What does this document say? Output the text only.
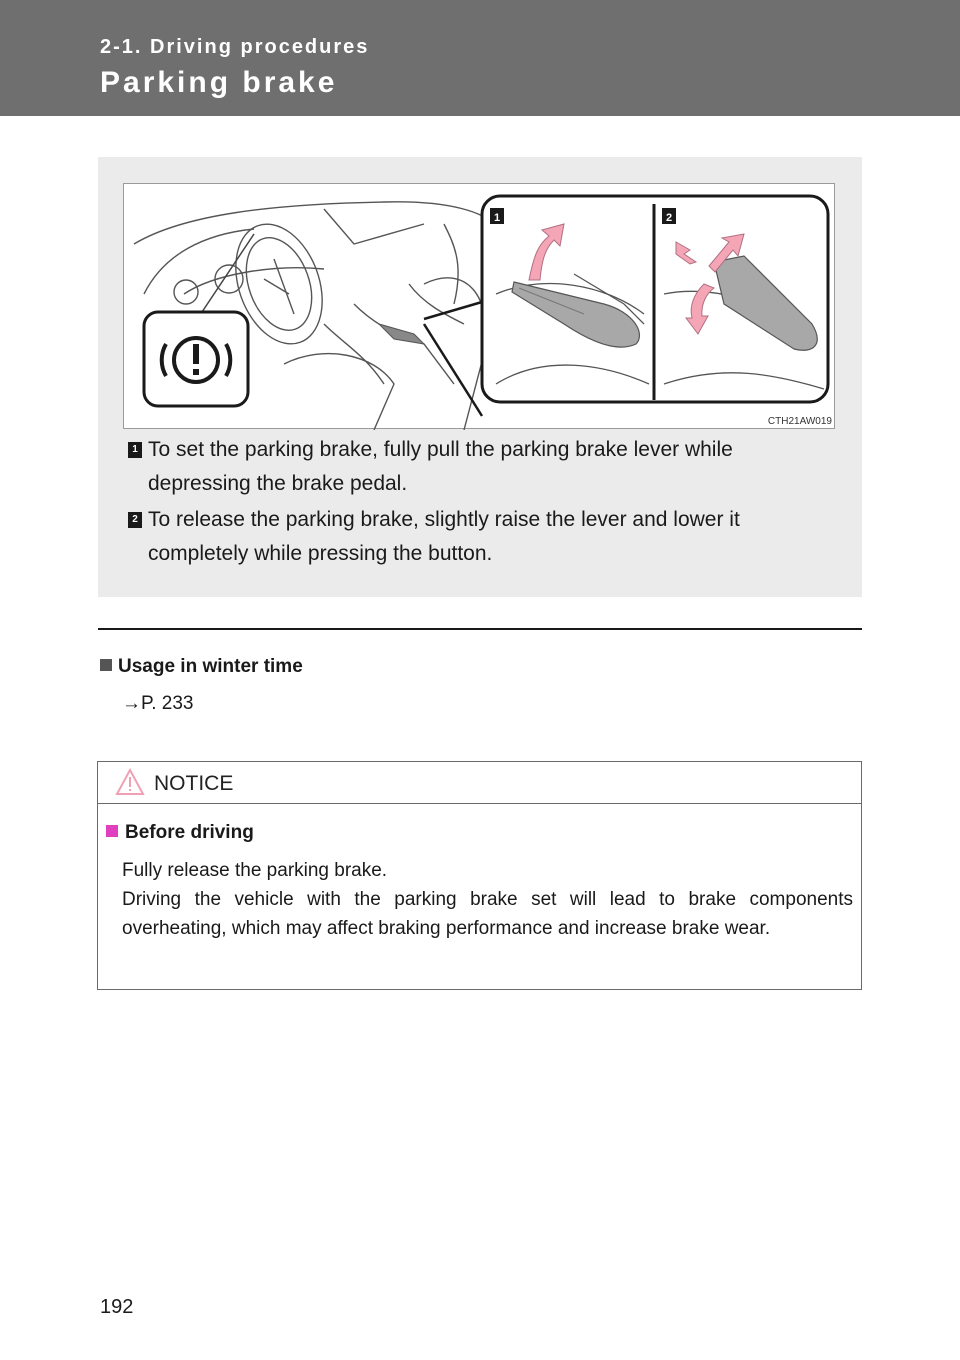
2-1. Driving procedures
Parking brake
1	2
CTH21AW019
1 To set the parking brake, fully pull the parking brake lever while depressing the brake pedal.
2 To release the parking brake, slightly raise the lever and lower it completely while pressing the button.
Usage in winter time
→P. 233
NOTICE
Before driving

Fully release the parking brake.

Driving the vehicle with the parking brake set will lead to brake components overheating, which may affect braking performance and increase brake wear.

192
